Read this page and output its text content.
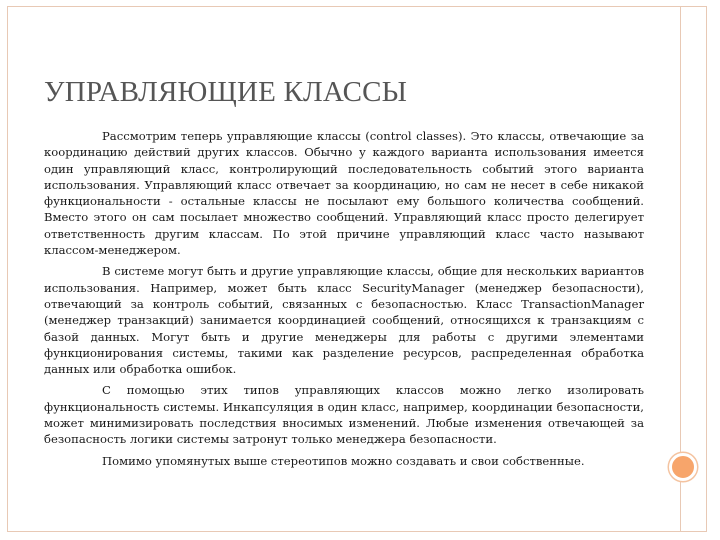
УПРАВЛЯЮЩИЕ КЛАССЫ

Рассмотрим теперь управляющие классы (control classes). Это классы, отвечающие за координацию действий других классов. Обычно у каждого варианта использования имеется один управляющий класс, контролирующий последовательность событий этого варианта использования. Управляющий класс отвечает за координацию, но сам не несет в себе никакой функциональности - остальные классы не посылают ему большого количества сообщений. Вместо этого он сам посылает множество сообщений. Управляющий класс просто делегирует ответственность другим классам. По этой причине управляющий класс часто называют классом-менеджером.

В системе могут быть и другие управляющие классы, общие для нескольких вариантов использования. Например, может быть класс SecurityManager (менеджер безопасности), отвечающий за контроль событий, связанных с безопасностью. Класс TransactionManager (менеджер транзакций) занимается координацией сообщений, относящихся к транзакциям с базой данных. Могут быть и другие менеджеры для работы с другими элементами функционирования системы, такими как разделение ресурсов, распределенная обработка данных или обработка ошибок.

С помощью этих типов управляющих классов можно легко изолировать функциональность системы. Инкапсуляция в один класс, например, координации безопасности, может минимизировать последствия вносимых изменений. Любые изменения отвечающей за безопасность логики системы затронут только менеджера безопасности.

Помимо упомянутых выше стереотипов можно создавать и свои собственные.
